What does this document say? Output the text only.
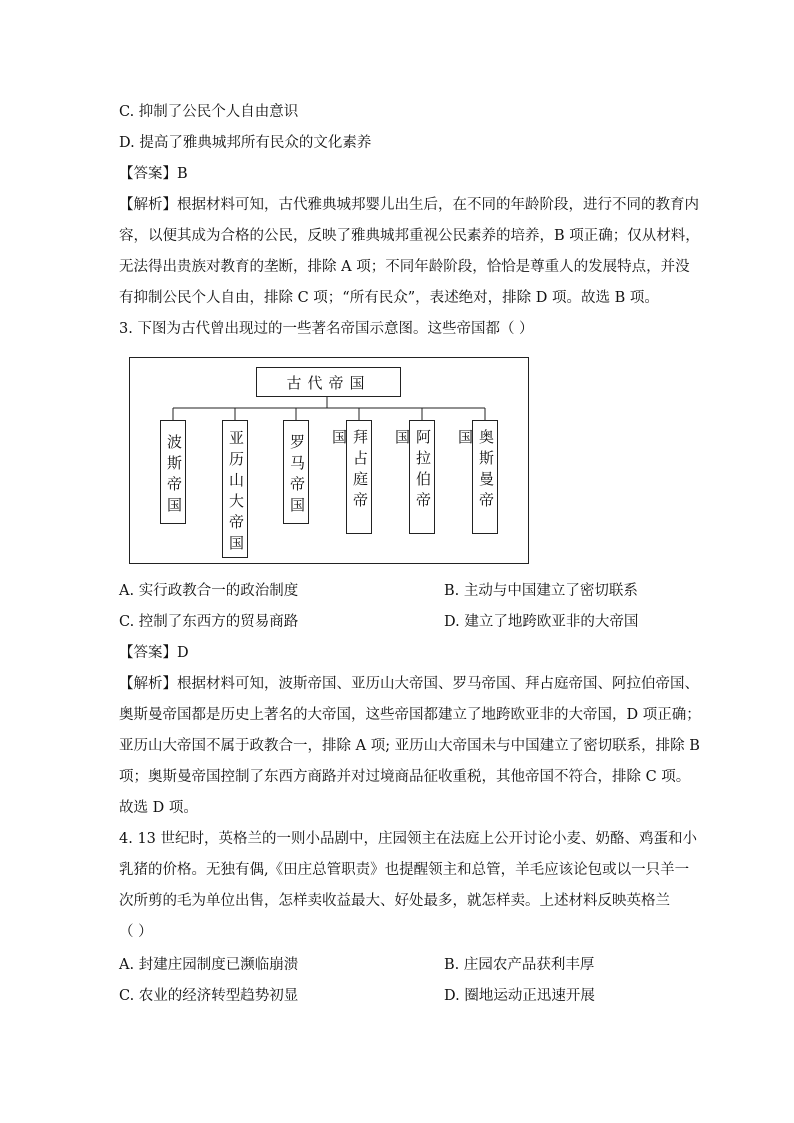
C. 抑制了公民个人自由意识
D. 提高了雅典城邦所有民众的文化素养
【答案】B
【解析】根据材料可知，古代雅典城邦婴儿出生后，在不同的年龄阶段，进行不同的教育内
容，以便其成为合格的公民，反映了雅典城邦重视公民素养的培养，B 项正确；仅从材料，
无法得出贵族对教育的垄断，排除 A 项；不同年龄阶段，恰恰是尊重人的发展特点，并没
有抑制公民个人自由，排除 C 项；“所有民众”，表述绝对，排除 D 项。故选 B 项。
3. 下图为古代曾出现过的一些著名帝国示意图。这些帝国都（ ）
古代帝国
波斯帝国	亚历山大帝国	罗马帝国	拜占庭帝国	阿拉伯帝国	奥斯曼帝国
A. 实行政教合一的政治制度	B. 主动与中国建立了密切联系
C. 控制了东西方的贸易商路	D. 建立了地跨欧亚非的大帝国
【答案】D
【解析】根据材料可知，波斯帝国、亚历山大帝国、罗马帝国、拜占庭帝国、阿拉伯帝国、
奥斯曼帝国都是历史上著名的大帝国，这些帝国都建立了地跨欧亚非的大帝国，D 项正确；
亚历山大帝国不属于政教合一，排除 A 项; 亚历山大帝国未与中国建立了密切联系，排除 B
项；奥斯曼帝国控制了东西方商路并对过境商品征收重税，其他帝国不符合，排除 C 项。
故选 D 项。
4. 13 世纪时，英格兰的一则小品剧中，庄园领主在法庭上公开讨论小麦、奶酪、鸡蛋和小
乳猪的价格。无独有偶,《田庄总管职责》也提醒领主和总管，羊毛应该论包或以一只羊一
次所剪的毛为单位出售，怎样卖收益最大、好处最多，就怎样卖。上述材料反映英格兰
（ ）
A. 封建庄园制度已濒临崩溃	B. 庄园农产品获利丰厚
C. 农业的经济转型趋势初显	D. 圈地运动正迅速开展
